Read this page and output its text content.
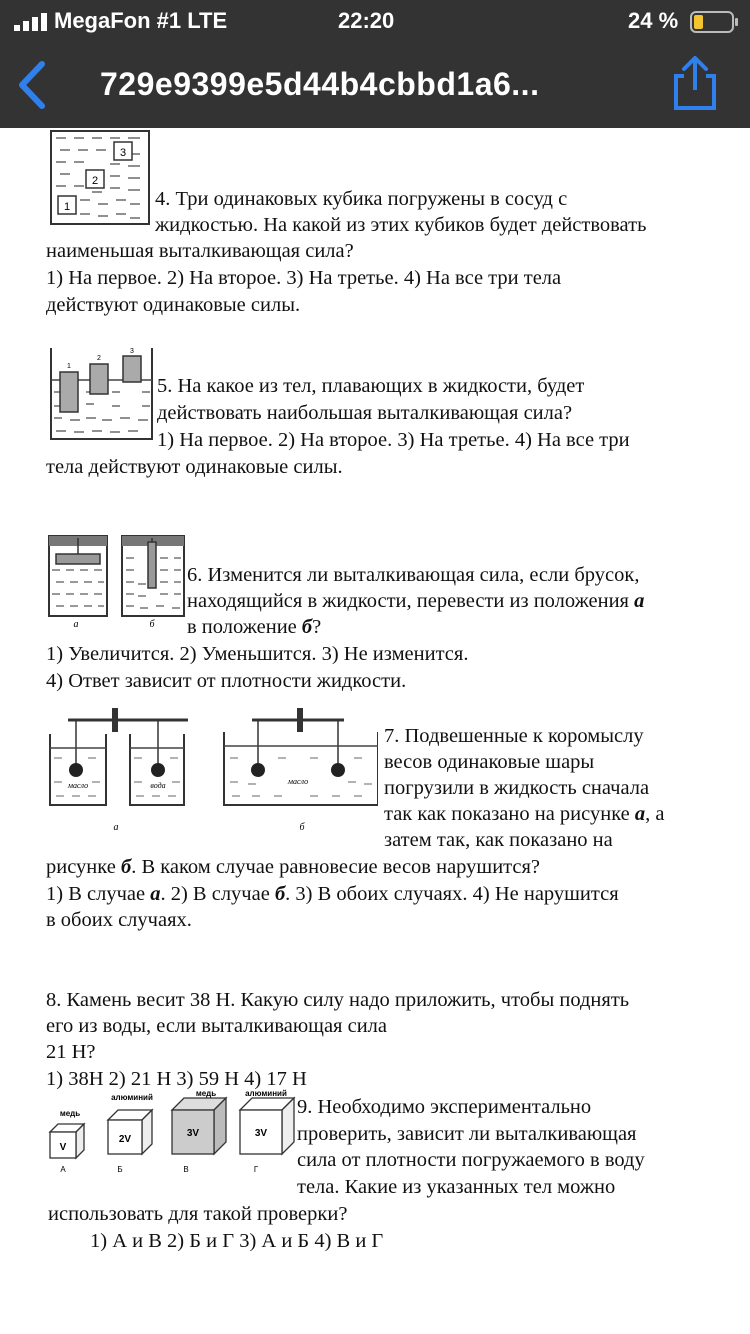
MegaFon #1 LTE	22:20	24 %
729e9399e5d44b4cbbd1a6...
1
2
3
4. Три одинаковых кубика погружены в сосуд с
жидкостью. На какой из этих кубиков будет действовать
наименьшая выталкивающая сила?
1) На первое. 2) На второе. 3) На третье. 4) На все три тела
действуют одинаковые силы.
1
2
3
5. На какое из тел, плавающих в жидкости, будет
действовать наибольшая выталкивающая сила?
1) На первое. 2) На второе. 3) На третье. 4) На все три
тела действуют одинаковые силы.
а	б
6. Изменится ли выталкивающая сила, если брусок,
находящийся в жидкости, перевести из положения а
в положение б?
1) Увеличится. 2) Уменьшится. 3) Не изменится.
4) Ответ зависит от плотности жидкости.
масло	вода
а
масло
б
7. Подвешенные к коромыслу
весов одинаковые шары
погрузили в жидкость сначала
так как показано на рисунке а, а
затем так, как показано на
рисунке б. В каком случае равновесие весов нарушится?
1) В случае а. 2) В случае б. 3) В обоих случаях. 4) Не нарушится
в обоих случаях.
8. Камень весит 38 Н. Какую силу надо приложить, чтобы поднять
его из воды, если выталкивающая сила
21 Н?
1) 38Н 2) 21 Н 3) 59 Н 4) 17 Н
медь
V
А
алюминий
2V
Б
медь
3V
В
алюминий
3V
Г
9. Необходимо экспериментально
проверить, зависит ли выталкивающая
сила от плотности погружаемого в воду
тела. Какие из указанных тел можно
использовать для такой проверки?
1) А и В 2) Б и Г 3) А и Б 4) В и Г
